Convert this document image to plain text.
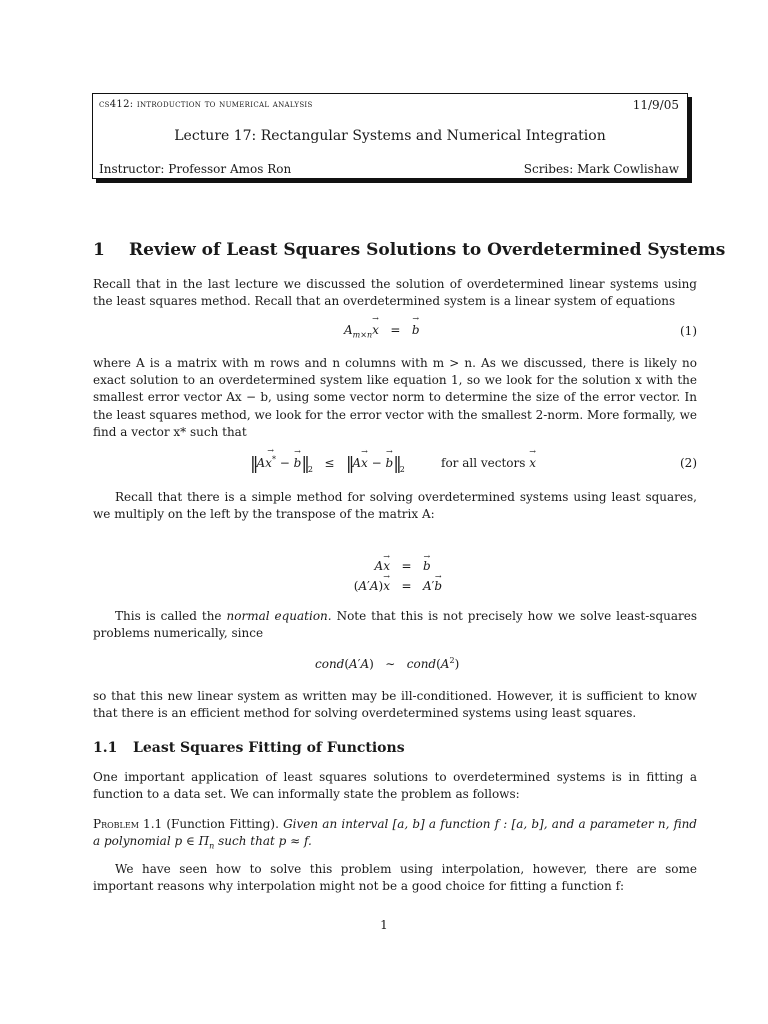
cs412: introduction to numerical analysis	11/9/05
Lecture 17: Rectangular Systems and Numerical Integration
Instructor: Professor Amos Ron	Scribes: Mark Cowlishaw
1 Review of Least Squares Solutions to Overdetermined Systems
Recall that in the last lecture we discussed the solution of overdetermined linear systems using the least squares method. Recall that an overdetermined system is a linear system of equations
$A_{m\times n}\to x$   =   → b	(1)
where A is a matrix with m rows and n columns with m > n. As we discussed, there is likely no exact solution to an overdetermined system like equation 1, so we look for the solution x with the smallest error vector Ax − b, using some vector norm to determine the size of the error vector. In the least squares method, we look for the error vector with the smallest 2-norm. More formally, we find a vector x* such that
‖A→ x* − → $b‖_2$   ≤   ‖A→ x − → $b‖_2$	for all vectors → x	(2)
Recall that there is a simple method for solving overdetermined systems using least squares, we multiply on the left by the transpose of the matrix A:
A→ x   =   → b
(A′A)→ x   =   A′→ b
This is called the normal equation. Note that this is not precisely how we solve least-squares problems numerically, since
cond(A′A)   ∼   $cond(A^2)$
so that this new linear system as written may be ill-conditioned. However, it is sufficient to know that there is an efficient method for solving overdetermined systems using least squares.
1.1 Least Squares Fitting of Functions
One important application of least squares solutions to overdetermined systems is in fitting a function to a data set. We can informally state the problem as follows:
Problem 1.1 (Function Fitting). Given an interval [a, b] a function f : [a, b], and a parameter n, find a polynomial p ∈ $\Pi_n$ such that p ≈ f.
We have seen how to solve this problem using interpolation, however, there are some important reasons why interpolation might not be a good choice for fitting a function f:
1
